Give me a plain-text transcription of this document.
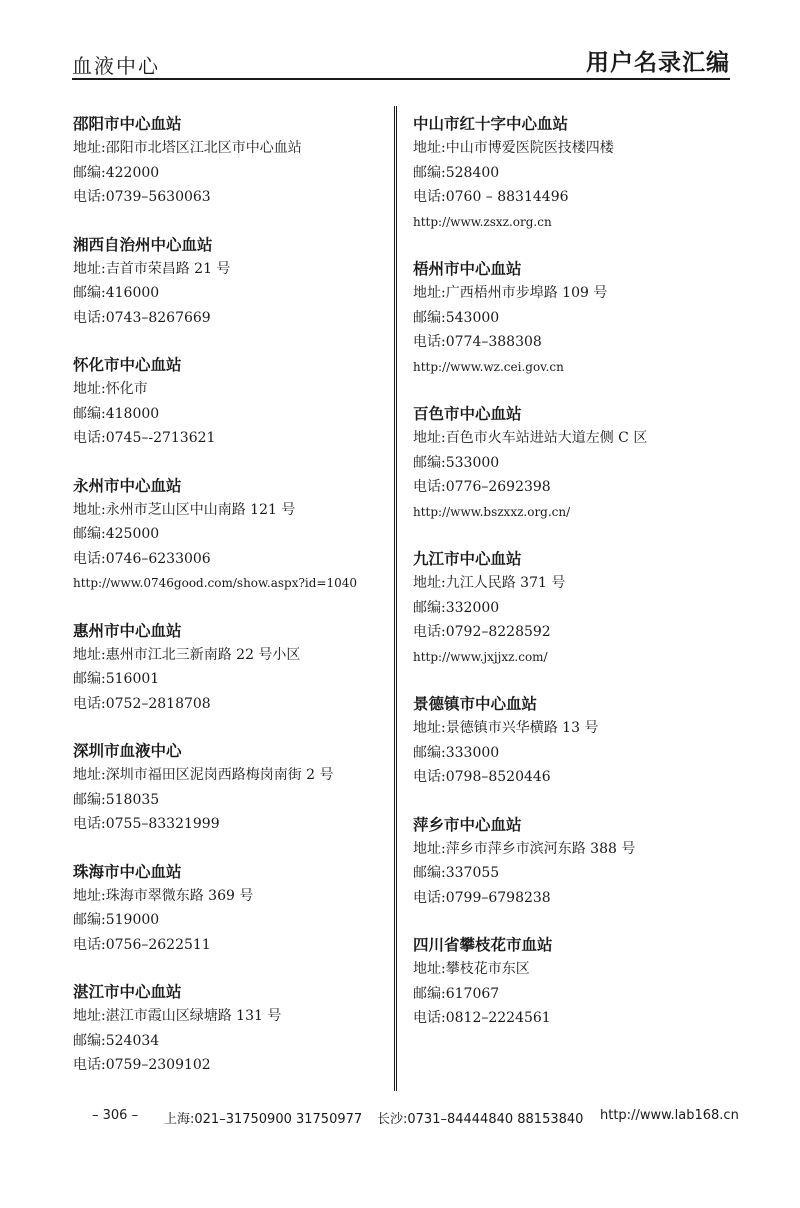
血液中心	用户名录汇编
邵阳市中心血站
地址:邵阳市北塔区江北区市中心血站
邮编:422000
电话:0739–5630063
湘西自治州中心血站
地址:吉首市荣昌路 21 号
邮编:416000
电话:0743–8267669
怀化市中心血站
地址:怀化市
邮编:418000
电话:0745–-2713621
永州市中心血站
地址:永州市芝山区中山南路 121 号
邮编:425000
电话:0746–6233006
http://www.0746good.com/show.aspx?id=1040
惠州市中心血站
地址:惠州市江北三新南路 22 号小区
邮编:516001
电话:0752–2818708
深圳市血液中心
地址:深圳市福田区泥岗西路梅岗南街 2 号
邮编:518035
电话:0755–83321999
珠海市中心血站
地址:珠海市翠微东路 369 号
邮编:519000
电话:0756–2622511
湛江市中心血站
地址:湛江市霞山区绿塘路 131 号
邮编:524034
电话:0759–2309102
中山市红十字中心血站
地址:中山市博爱医院医技楼四楼
邮编:528400
电话:0760 – 88314496
http://www.zsxz.org.cn
梧州市中心血站
地址:广西梧州市步埠路 109 号
邮编:543000
电话:0774–388308
http://www.wz.cei.gov.cn
百色市中心血站
地址:百色市火车站进站大道左侧 C 区
邮编:533000
电话:0776–2692398
http://www.bszxxz.org.cn/
九江市中心血站
地址:九江人民路 371 号
邮编:332000
电话:0792–8228592
http://www.jxjjxz.com/
景德镇市中心血站
地址:景德镇市兴华横路 13 号
邮编:333000
电话:0798–8520446
萍乡市中心血站
地址:萍乡市萍乡市滨河东路 388 号
邮编:337055
电话:0799–6798238
四川省攀枝花市血站
地址:攀枝花市东区
邮编:617067
电话:0812–2224561
– 306 – 上海:021–31750900 31750977 长沙:0731–84444840 88153840 http://www.lab168.cn
